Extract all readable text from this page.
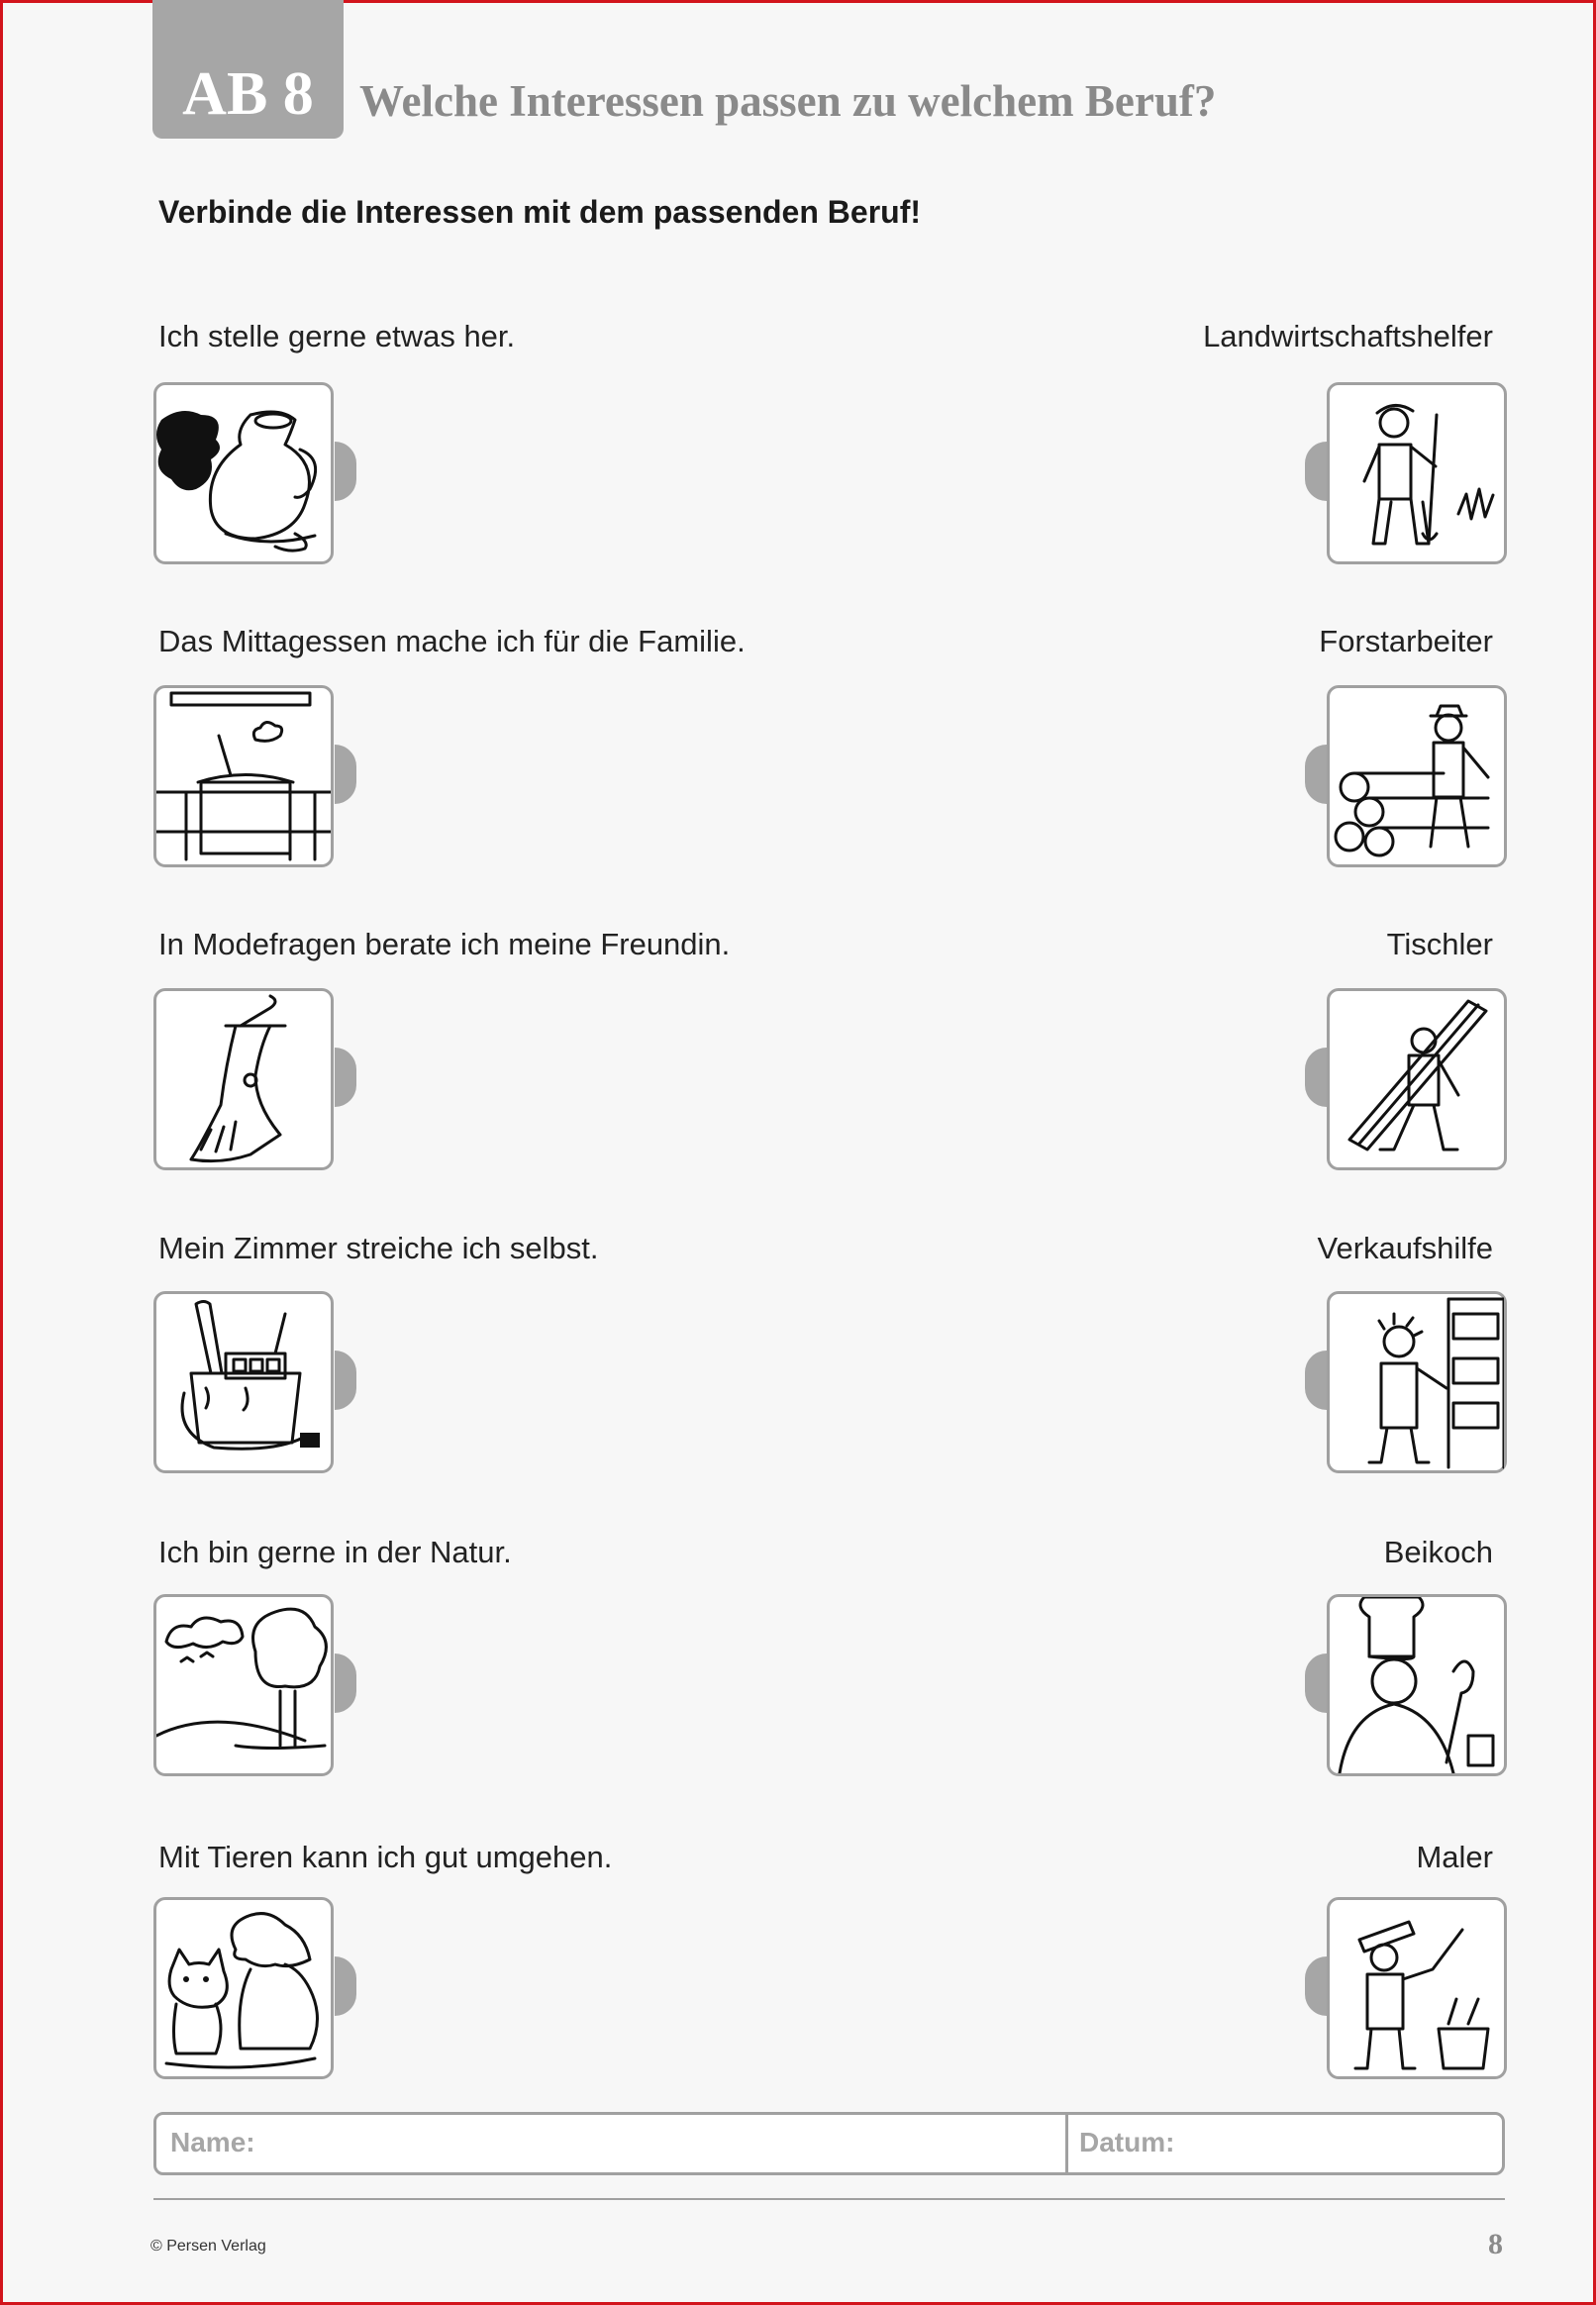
AB 8	Welche Interessen passen zu welchem Beruf?
Verbinde die Interessen mit dem passenden Beruf!
Ich stelle gerne etwas her.	Landwirtschaftshelfer
Das Mittagessen mache ich für die Familie.	Forstarbeiter
In Modefragen berate ich meine Freundin.	Tischler
Mein Zimmer streiche ich selbst.	Verkaufshilfe
Ich bin gerne in der Natur.	Beikoch
Mit Tieren kann ich gut umgehen.	Maler
Name:	Datum:
© Persen Verlag	8
